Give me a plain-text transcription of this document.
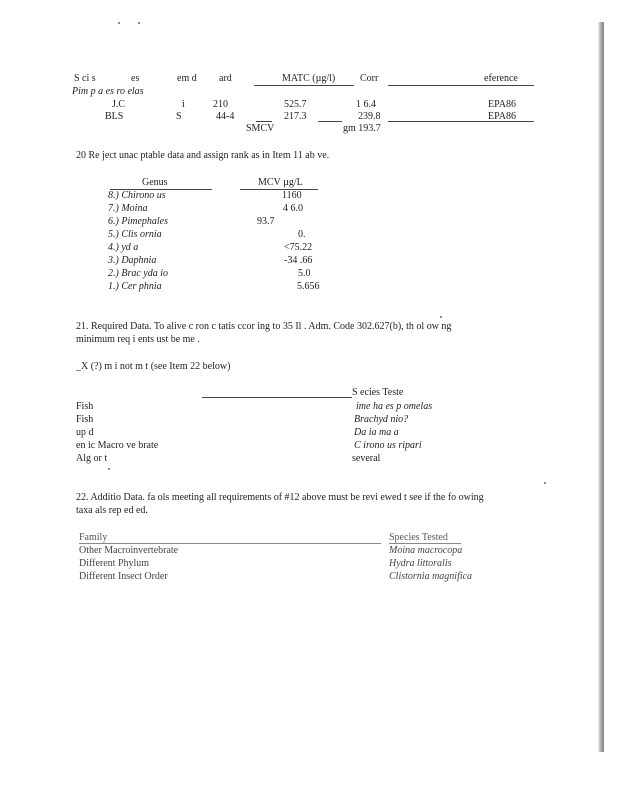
S ci s	es	em d ard	MATC (µg/l) Corr	eference
Pim p a es ro elas
J.C	i	210	525.7	1 6.4	EPA86
BLS	S	44-4	217.3	239.8	EPA86
SMCV	gm 193.7
20 Re ject unac ptable data and assign rank as in Item 11 ab ve.
Genus	MCV µg/L
8.) Chirono us	1160
7.) Moina	4 6.0
6.) Pimephales	93.7
5.) Clis ornia	0.
4.) yd a	<75.22
3.) Daphnia	-34 .66
2.) Brac yda io	5.0
1.) Cer phnia	5.656
21. Required Data. To alive c ron c tatis ccor ing to 35 Il . Adm. Code 302.627(b), th ol ow ng
minimum req i ents ust be me .
_X (?) m i not m t (see Item 22 below)
S ecies Teste
Fish	ime ha es p omelas
Fish	Brachyd nio?
up d	Da ia ma a
en ic Macro ve brate	C irono us ripari
Alg or t	several
22. Additio Data. fa ols meeting all requirements of #12 above must be revi ewed t see if the fo owing
taxa als rep ed ed.
Family	Species Tested
Other Macroinvertebrate	Moina macrocopa
Different Phylum	Hydra littoralis
Different Insect Order	Clistornia magnifica
